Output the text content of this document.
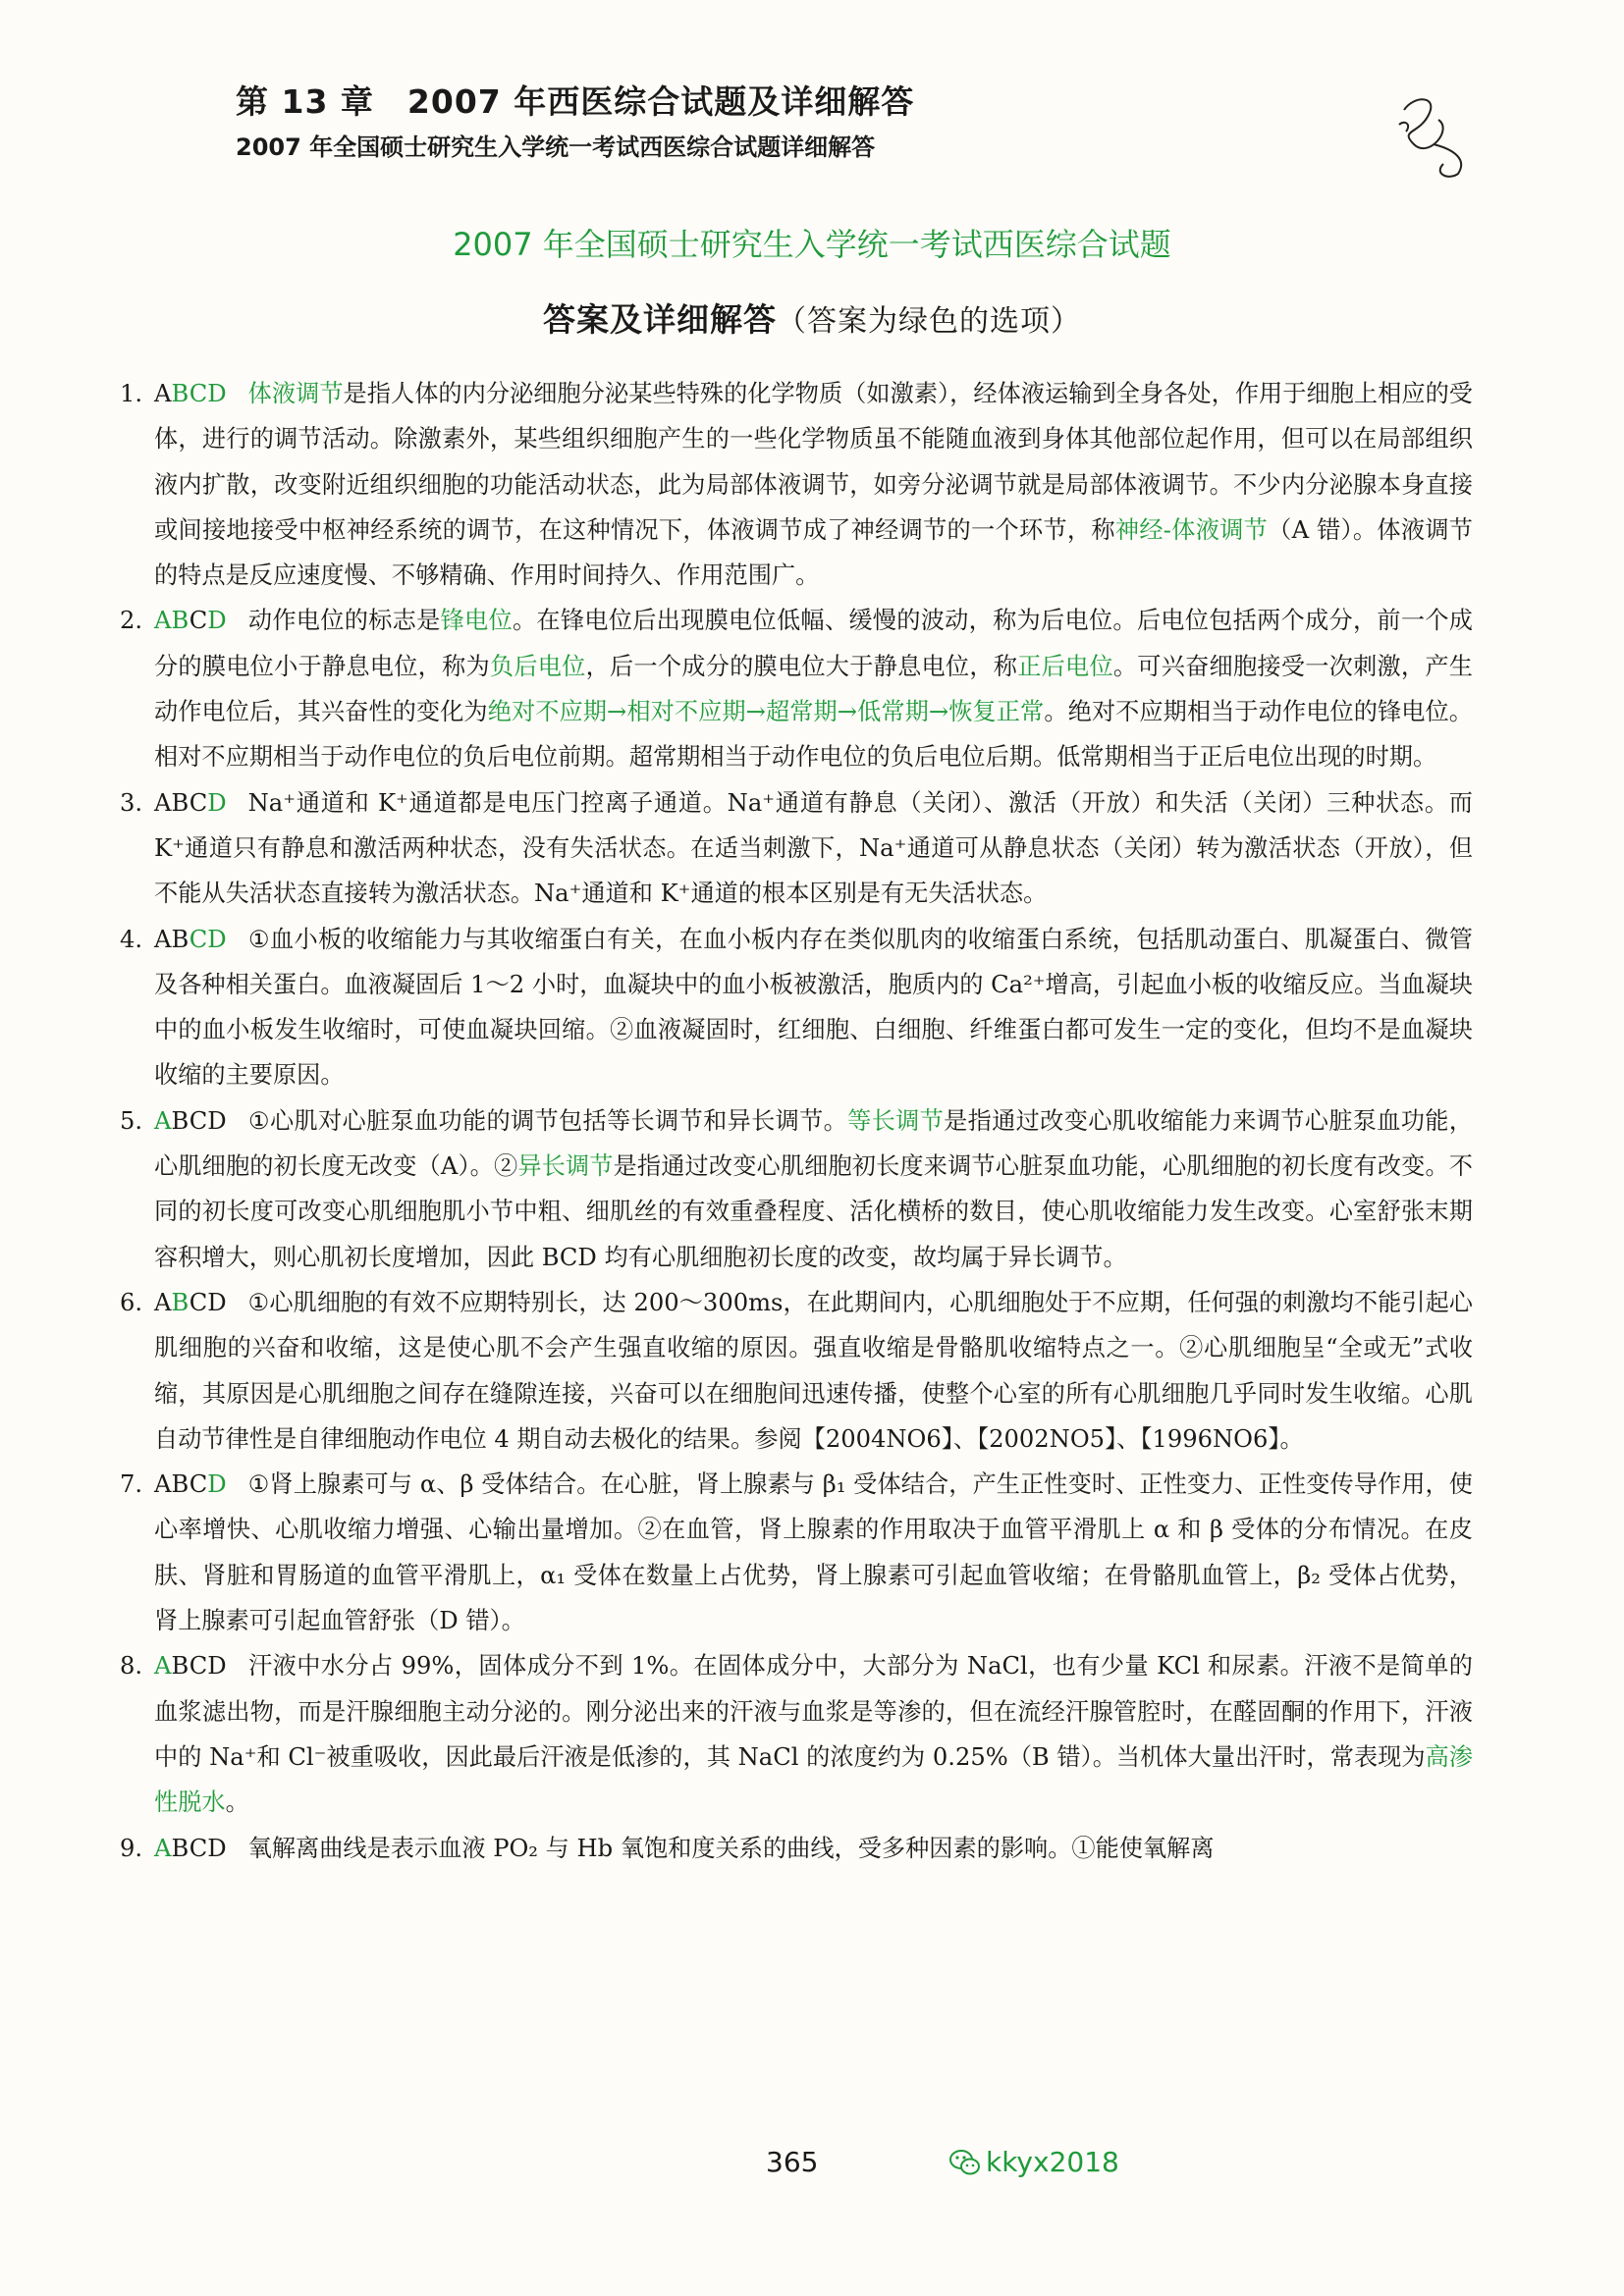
第 13 章　2007 年西医综合试题及详细解答
2007 年全国硕士研究生入学统一考试西医综合试题详细解答
2007 年全国硕士研究生入学统一考试西医综合试题
答案及详细解答（答案为绿色的选项）
1. ABCD 体液调节是指人体的内分泌细胞分泌某些特殊的化学物质（如激素），经体液运输到全身各处，作用于细胞上相应的受体，进行的调节活动。除激素外，某些组织细胞产生的一些化学物质虽不能随血液到身体其他部位起作用，但可以在局部组织液内扩散，改变附近组织细胞的功能活动状态，此为局部体液调节，如旁分泌调节就是局部体液调节。不少内分泌腺本身直接或间接地接受中枢神经系统的调节，在这种情况下，体液调节成了神经调节的一个环节，称神经-体液调节（A 错）。体液调节的特点是反应速度慢、不够精确、作用时间持久、作用范围广。
2. ABCD 动作电位的标志是锋电位。在锋电位后出现膜电位低幅、缓慢的波动，称为后电位。后电位包括两个成分，前一个成分的膜电位小于静息电位，称为负后电位，后一个成分的膜电位大于静息电位，称正后电位。可兴奋细胞接受一次刺激，产生动作电位后，其兴奋性的变化为绝对不应期→相对不应期→超常期→低常期→恢复正常。绝对不应期相当于动作电位的锋电位。相对不应期相当于动作电位的负后电位前期。超常期相当于动作电位的负后电位后期。低常期相当于正后电位出现的时期。
3. ABCD Na⁺通道和 K⁺通道都是电压门控离子通道。Na⁺通道有静息（关闭）、激活（开放）和失活（关闭）三种状态。而 K⁺通道只有静息和激活两种状态，没有失活状态。在适当刺激下，Na⁺通道可从静息状态（关闭）转为激活状态（开放），但不能从失活状态直接转为激活状态。Na⁺通道和 K⁺通道的根本区别是有无失活状态。
4. ABCD ①血小板的收缩能力与其收缩蛋白有关，在血小板内存在类似肌肉的收缩蛋白系统，包括肌动蛋白、肌凝蛋白、微管及各种相关蛋白。血液凝固后 1～2 小时，血凝块中的血小板被激活，胞质内的 Ca²⁺增高，引起血小板的收缩反应。当血凝块中的血小板发生收缩时，可使血凝块回缩。②血液凝固时，红细胞、白细胞、纤维蛋白都可发生一定的变化，但均不是血凝块收缩的主要原因。
5. ABCD ①心肌对心脏泵血功能的调节包括等长调节和异长调节。等长调节是指通过改变心肌收缩能力来调节心脏泵血功能，心肌细胞的初长度无改变（A）。②异长调节是指通过改变心肌细胞初长度来调节心脏泵血功能，心肌细胞的初长度有改变。不同的初长度可改变心肌细胞肌小节中粗、细肌丝的有效重叠程度、活化横桥的数目，使心肌收缩能力发生改变。心室舒张末期容积增大，则心肌初长度增加，因此 BCD 均有心肌细胞初长度的改变，故均属于异长调节。
6. ABCD ①心肌细胞的有效不应期特别长，达 200～300ms，在此期间内，心肌细胞处于不应期，任何强的刺激均不能引起心肌细胞的兴奋和收缩，这是使心肌不会产生强直收缩的原因。强直收缩是骨骼肌收缩特点之一。②心肌细胞呈“全或无”式收缩，其原因是心肌细胞之间存在缝隙连接，兴奋可以在细胞间迅速传播，使整个心室的所有心肌细胞几乎同时发生收缩。心肌自动节律性是自律细胞动作电位 4 期自动去极化的结果。参阅【2004NO6】、【2002NO5】、【1996NO6】。
7. ABCD ①肾上腺素可与 α、β 受体结合。在心脏，肾上腺素与 β₁ 受体结合，产生正性变时、正性变力、正性变传导作用，使心率增快、心肌收缩力增强、心输出量增加。②在血管，肾上腺素的作用取决于血管平滑肌上 α 和 β 受体的分布情况。在皮肤、肾脏和胃肠道的血管平滑肌上，α₁ 受体在数量上占优势，肾上腺素可引起血管收缩；在骨骼肌血管上，β₂ 受体占优势，肾上腺素可引起血管舒张（D 错）。
8. ABCD 汗液中水分占 99%，固体成分不到 1%。在固体成分中，大部分为 NaCl，也有少量 KCl 和尿素。汗液不是简单的血浆滤出物，而是汗腺细胞主动分泌的。刚分泌出来的汗液与血浆是等渗的，但在流经汗腺管腔时，在醛固酮的作用下，汗液中的 Na⁺和 Cl⁻被重吸收，因此最后汗液是低渗的，其 NaCl 的浓度约为 0.25%（B 错）。当机体大量出汗时，常表现为高渗性脱水。
9. ABCD 氧解离曲线是表示血液 PO₂ 与 Hb 氧饱和度关系的曲线，受多种因素的影响。①能使氧解离
365	kkyx2018
